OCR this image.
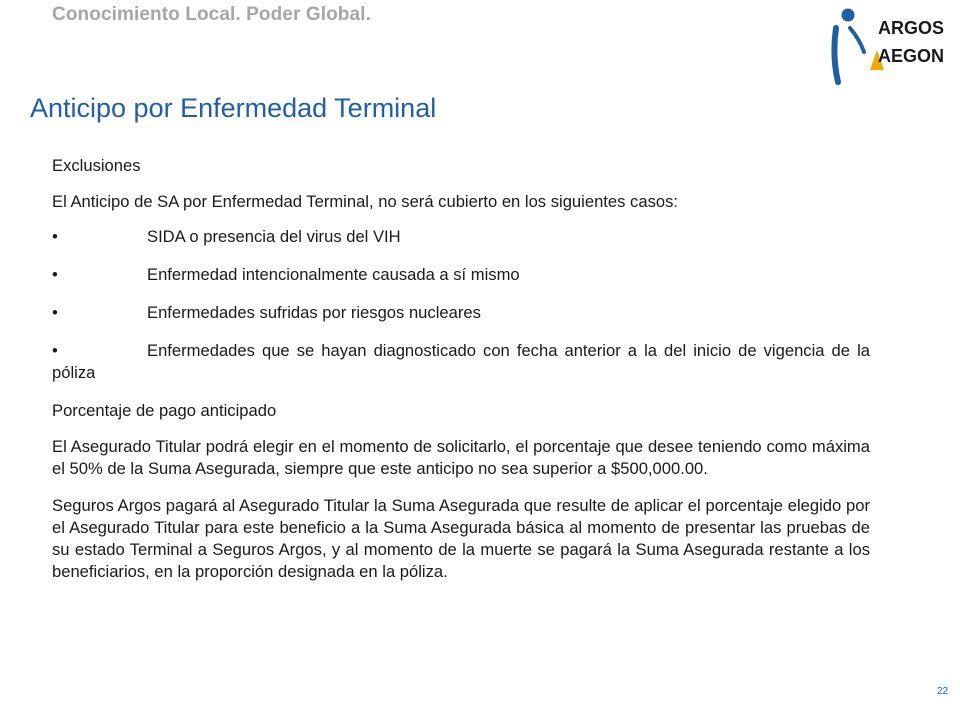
Conocimiento Local. Poder Global.
ARGOS
AEGON
Anticipo por Enfermedad Terminal

Exclusiones

El Anticipo de SA por Enfermedad Terminal, no será cubierto en los siguientes casos:

•	SIDA o presencia del virus del VIH

•	Enfermedad intencionalmente causada a sí mismo

•	Enfermedades sufridas por riesgos nucleares

•	Enfermedades que se hayan diagnosticado con fecha anterior a la del inicio de vigencia de la póliza

Porcentaje de pago anticipado

El Asegurado Titular podrá elegir en el momento de solicitarlo, el porcentaje que desee teniendo como máxima el 50% de la Suma Asegurada, siempre que este anticipo no sea superior a $500,000.00.

Seguros Argos pagará al Asegurado Titular la Suma Asegurada que resulte de aplicar el porcentaje elegido por el Asegurado Titular para este beneficio a la Suma Asegurada básica al momento de presentar las pruebas de su estado Terminal a Seguros Argos, y al momento de la muerte se pagará la Suma Asegurada restante a los beneficiarios, en la proporción designada en la póliza.

22
